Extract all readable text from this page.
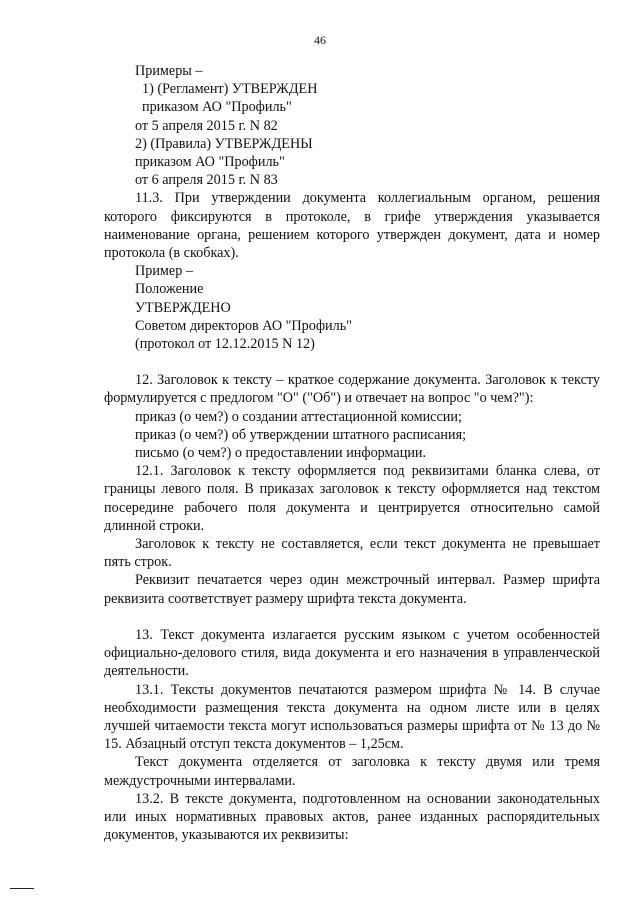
46
Примеры –
1) (Регламент) УТВЕРЖДЕН
приказом АО "Профиль"
от 5 апреля 2015 г. N 82
2) (Правила) УТВЕРЖДЕНЫ
приказом АО "Профиль"
от 6 апреля 2015 г. N 83

11.3. При утверждении документа коллегиальным органом, решения которого фиксируются в протоколе, в грифе утверждения указывается наименование органа, решением которого утвержден документ, дата и номер протокола (в скобках).

Пример –
Положение
УТВЕРЖДЕНО
Советом директоров АО "Профиль"
(протокол от 12.12.2015 N 12)

12. Заголовок к тексту – краткое содержание документа. Заголовок к тексту формулируется с предлогом "О" ("Об") и отвечает на вопрос "о чем?"):

приказ (о чем?) о создании аттестационной комиссии;
приказ (о чем?) об утверждении штатного расписания;
письмо (о чем?) о предоставлении информации.

12.1. Заголовок к тексту оформляется под реквизитами бланка слева, от границы левого поля. В приказах заголовок к тексту оформляется над текстом посередине рабочего поля документа и центрируется относительно самой длинной строки.

Заголовок к тексту не составляется, если текст документа не превышает пять строк.

Реквизит печатается через один межстрочный интервал. Размер шрифта реквизита соответствует размеру шрифта текста документа.

13. Текст документа излагается русским языком с учетом особенностей официально-делового стиля, вида документа и его назначения в управленческой деятельности.

13.1. Тексты документов печатаются размером шрифта № 14. В случае необходимости размещения текста документа на одном листе или в целях лучшей читаемости текста могут использоваться размеры шрифта от № 13 до № 15. Абзацный отступ текста документов – 1,25см.

Текст документа отделяется от заголовка к тексту двумя или тремя междустрочными интервалами.

13.2. В тексте документа, подготовленном на основании законодательных или иных нормативных правовых актов, ранее изданных распорядительных документов, указываются их реквизиты:
